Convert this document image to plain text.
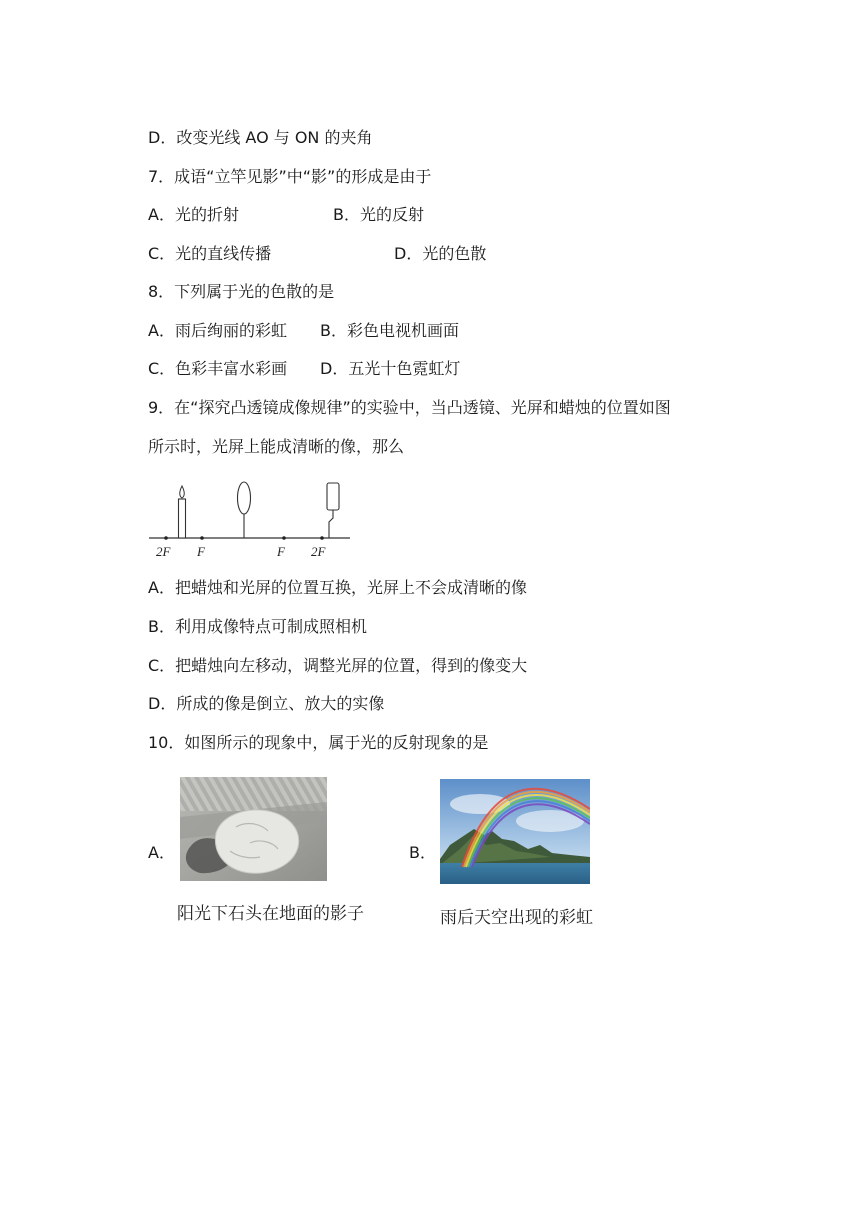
D．改变光线 AO 与 ON 的夹角
7．成语“立竿见影”中“影”的形成是由于
A．光的折射	B．光的反射
C．光的直线传播	D．光的色散
8．下列属于光的色散的是
A．雨后绚丽的彩虹 B．彩色电视机画面
C．色彩丰富水彩画 D．五光十色霓虹灯
9．在“探究凸透镜成像规律”的实验中，当凸透镜、光屏和蜡烛的位置如图
所示时，光屏上能成清晰的像，那么
2F F	F 2F
A．把蜡烛和光屏的位置互换，光屏上不会成清晰的像
B．利用成像特点可制成照相机
C．把蜡烛向左移动，调整光屏的位置，得到的像变大
D．所成的像是倒立、放大的实像
10．如图所示的现象中，属于光的反射现象的是
A．
阳光下石头在地面的影子
B．
雨后天空出现的彩虹
